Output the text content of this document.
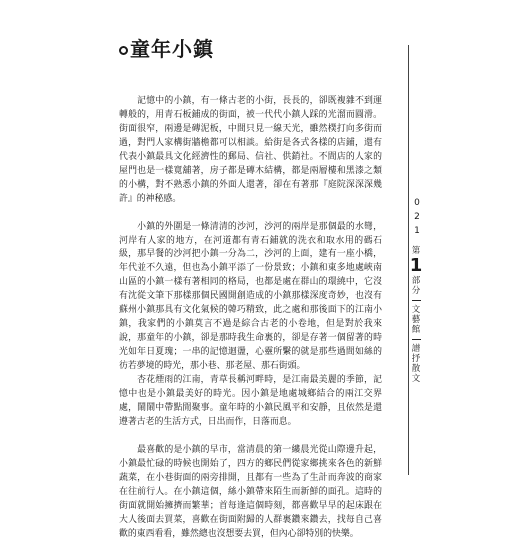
童年小鎮

　　記憶中的小鎮，有一條古老的小街，長長的，卻既複雜不到運轉般的，用青石板鋪成的街面，被一代代小鎮人踩的光溜而圓滑。街面很窄，兩邊是磚泥板，中間只見一線天光，雖然樸打向多街而過，對門人家構街牆檐都可以相談。給街是各式各樣的店鋪，還有代表小鎮最具文化經濟性的郵局、信社、供銷社。不間店的人家的屋門也是一樣寬舖著，房子都是磚木結構，都是兩層樓和黑漆之類的小構，對不熟悉小鎮的外面人還著，卻在有著那『庭院深深深幾許』的神秘感。

　　小鎮的外圍是一條清清的沙河，沙河的兩岸是那個最的水彎，河岸有人家的地方，在河道都有青石鋪就的洗衣和取水用的碼石級，那早餐的沙河把小鎮一分為二，沙河的上面，建有一座小橋，年代並不久遠，但也為小鎮平添了一份景致；小鎮和東多地處峽南山區的小鎮一樣有著相同的格局，也都是處在群山的環繞中，它沒有沈從文筆下那樣那個民國開創造成的小鎮那樣深度奇妙，也沒有蘇州小鎮那具有文化氣候的韓巧精致，此之處和那後面下的江南小鎮，我家們的小鎮莫言不過是綜合古老的小卷地，但是對於我來說，那童年的小鎮，卻是那時我生命裏的，卻是存著一個留著的時光如年日夏瑰；一串的記憶迴盪，心靈所繫的就是那些過間如絲的彷若夢境的時光，那小巷、那老屋、那石街頭。

　　杏花煙雨的江南，青草長稱河畔時，是江南最美麗的季節，記憶中也是小鎮最美好的時光。因小鎮是地處城鄉結合的兩江交界處，鬧鬧中帶點閒聚事。童年時的小鎮民風平和安靜，且依然是還遵著古老的生活方式，日出而作，日落而息。

　　最喜歡的是小鎮的早市，當清晨的第一縷晨光從山際邊升起，小鎮最忙碌的時候也開始了，四方的鄉民們從家鄉挑來各色的新鮮蔬菜，在小巷街面的兩旁排開，且都有一些為了生計而奔波的商家在往前行人。在小鎮這個，絲小鎮帶來陌生而新鮮的面孔。這時的街面就開始擁擠而繁華；首每逢這個時刻，都喜歡早早的起床跟在大人後面去買菜，喜歡在街面附歸的人群裏鑽來鑽去，找每自己喜歡的東西看看，雖然總也沒想要去買，但內心卻特別的快樂。

0
2
1
第
1
部分
文
藝
館
譜
抒
散
文
